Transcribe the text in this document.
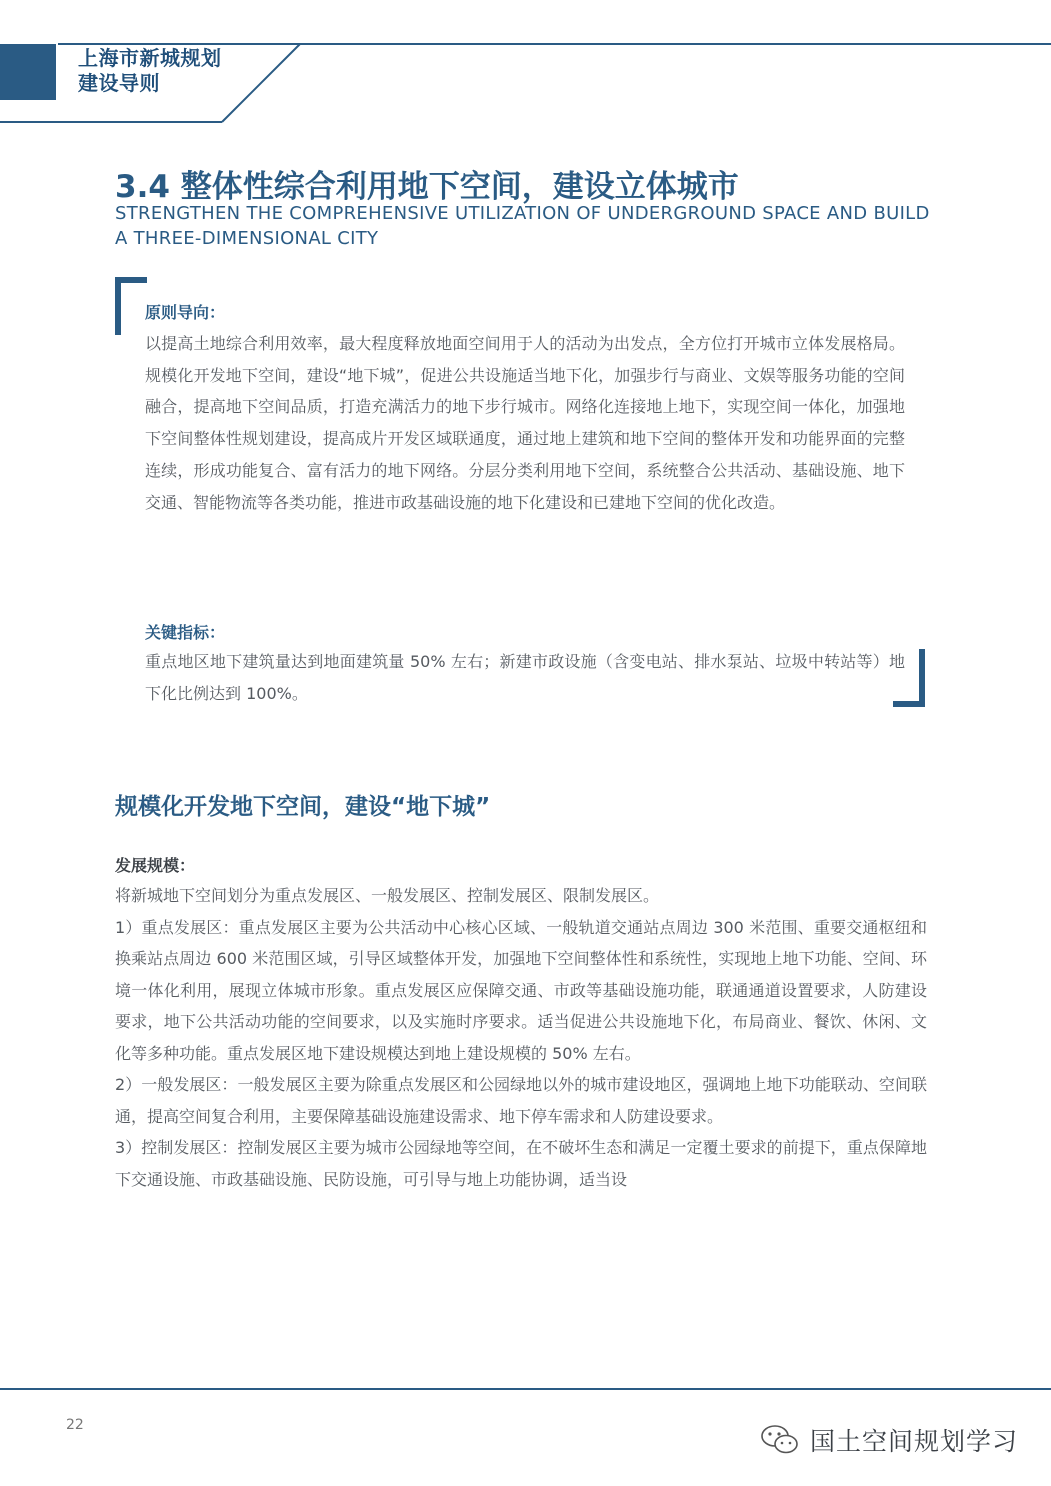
上海市新城规划
建设导则
3.4 整体性综合利用地下空间，建设立体城市
STRENGTHEN THE COMPREHENSIVE UTILIZATION OF UNDERGROUND SPACE AND BUILD A THREE-DIMENSIONAL CITY
原则导向：
以提高土地综合利用效率，最大程度释放地面空间用于人的活动为出发点，全方位打开城市立体发展格局。规模化开发地下空间，建设“地下城”，促进公共设施适当地下化，加强步行与商业、文娱等服务功能的空间融合，提高地下空间品质，打造充满活力的地下步行城市。网络化连接地上地下，实现空间一体化，加强地下空间整体性规划建设，提高成片开发区域联通度，通过地上建筑和地下空间的整体开发和功能界面的完整连续，形成功能复合、富有活力的地下网络。分层分类利用地下空间，系统整合公共活动、基础设施、地下交通、智能物流等各类功能，推进市政基础设施的地下化建设和已建地下空间的优化改造。
关键指标：
重点地区地下建筑量达到地面建筑量 50% 左右；新建市政设施（含变电站、排水泵站、垃圾中转站等）地下化比例达到 100%。
规模化开发地下空间，建设“地下城”
发展规模：

将新城地下空间划分为重点发展区、一般发展区、控制发展区、限制发展区。

1）重点发展区：重点发展区主要为公共活动中心核心区域、一般轨道交通站点周边 300 米范围、重要交通枢纽和换乘站点周边 600 米范围区域，引导区域整体开发，加强地下空间整体性和系统性，实现地上地下功能、空间、环境一体化利用，展现立体城市形象。重点发展区应保障交通、市政等基础设施功能，联通通道设置要求，人防建设要求，地下公共活动功能的空间要求，以及实施时序要求。适当促进公共设施地下化，布局商业、餐饮、休闲、文化等多种功能。重点发展区地下建设规模达到地上建设规模的 50% 左右。

2）一般发展区：一般发展区主要为除重点发展区和公园绿地以外的城市建设地区，强调地上地下功能联动、空间联通，提高空间复合利用，主要保障基础设施建设需求、地下停车需求和人防建设要求。

3）控制发展区：控制发展区主要为城市公园绿地等空间，在不破坏生态和满足一定覆土要求的前提下，重点保障地下交通设施、市政基础设施、民防设施，可引导与地上功能协调，适当设

22
国土空间规划学习
